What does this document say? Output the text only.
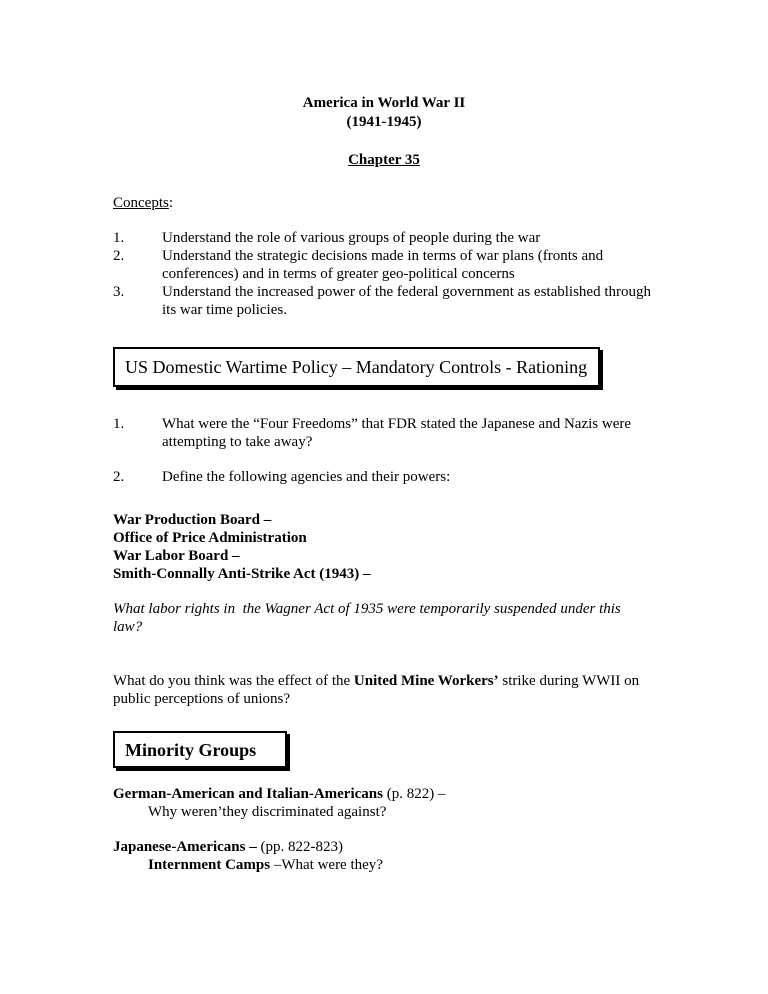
America in World War II
(1941-1945)
Chapter 35
Concepts:
1.	Understand the role of various groups of people during the war
2.	Understand the strategic decisions made in terms of war plans (fronts and
conferences) and in terms of greater geo-political concerns
3.	Understand the increased power of the federal government as established through
its war time policies.
US Domestic Wartime Policy – Mandatory Controls - Rationing
1.	What were the “Four Freedoms” that FDR stated the Japanese and Nazis were
attempting to take away?
2.	Define the following agencies and their powers:
War Production Board –
Office of Price Administration
War Labor Board –
Smith-Connally Anti-Strike Act (1943) –
What labor rights in  the Wagner Act of 1935 were temporarily suspended under this
law?
What do you think was the effect of the United Mine Workers’ strike during WWII on
public perceptions of unions?
Minority Groups
German-American and Italian-Americans (p. 822) –
Why weren’they discriminated against?
Japanese-Americans – (pp. 822-823)
Internment Camps –What were they?
